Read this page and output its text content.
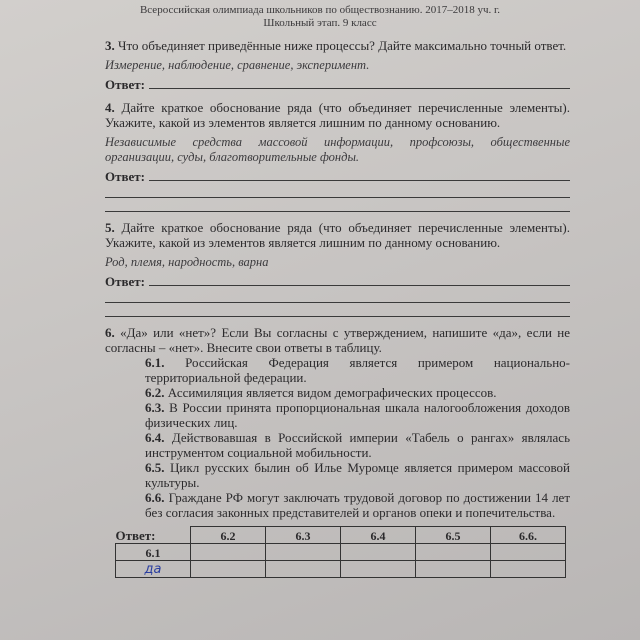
Всероссийская олимпиада школьников по обществознанию. 2017–2018 уч. г.
Школьный этап. 9 класс
3. Что объединяет приведённые ниже процессы? Дайте максимально точный ответ.
Измерение, наблюдение, сравнение, эксперимент.
Ответ:
4. Дайте краткое обоснование ряда (что объединяет перечисленные элементы). Укажите, какой из элементов является лишним по данному основанию.
Независимые средства массовой информации, профсоюзы, общественные организации, суды, благотворительные фонды.
Ответ:
5. Дайте краткое обоснование ряда (что объединяет перечисленные элементы). Укажите, какой из элементов является лишним по данному основанию.
Род, племя, народность, варна
Ответ:
6. «Да» или «нет»? Если Вы согласны с утверждением, напишите «да», если не согласны – «нет». Внесите свои ответы в таблицу.
6.1. Российская Федерация является примером национально-территориальной федерации.
6.2. Ассимиляция является видом демографических процессов.
6.3. В России принята пропорциональная шкала налогообложения доходов физических лиц.
6.4. Действовавшая в Российской империи «Табель о рангах» являлась инструментом социальной мобильности.
6.5. Цикл русских былин об Илье Муромце является примером массовой культуры.
6.6. Граждане РФ могут заключать трудовой договор по достижении 14 лет без согласия законных представителей и органов опеки и попечительства.
Ответ:	6.2	6.3	6.4	6.5	6.6.
6.1					
да					
